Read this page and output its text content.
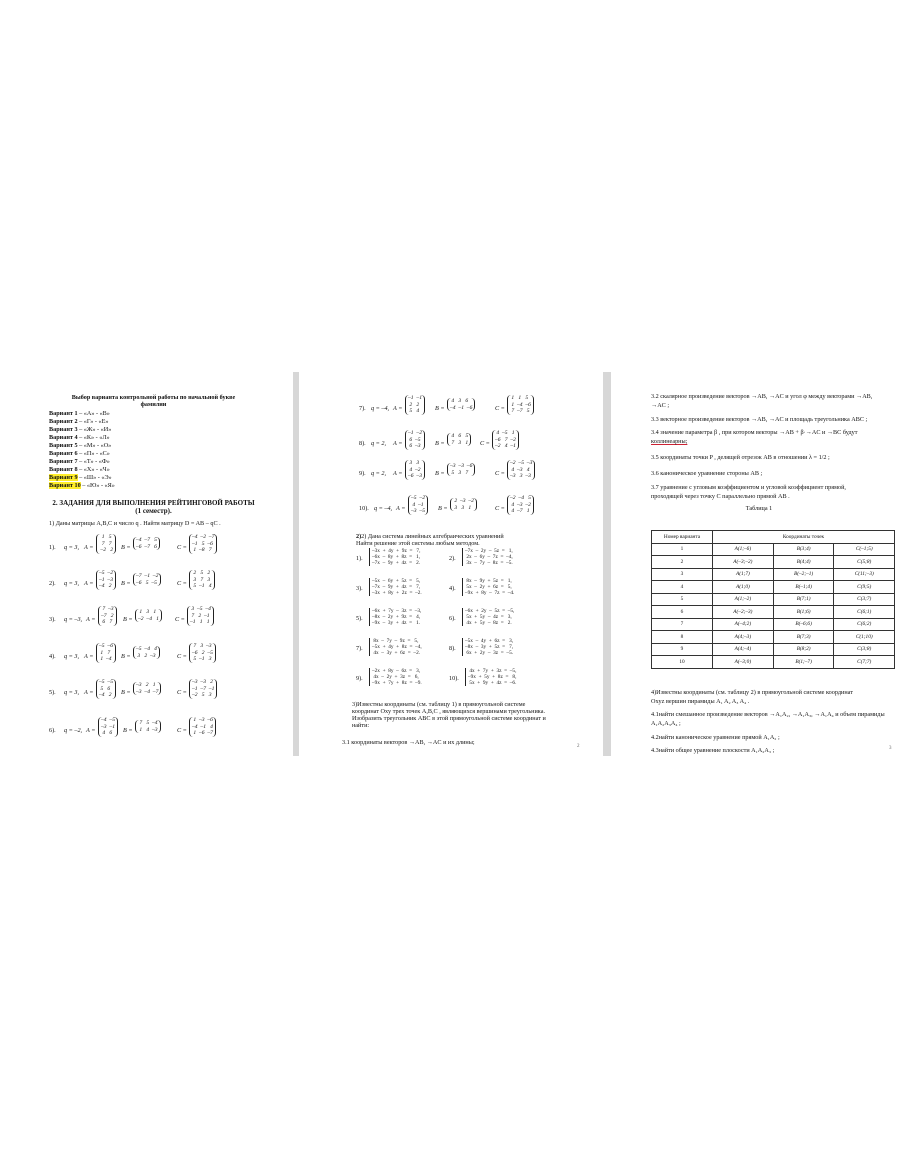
Выбор варианта контрольной работы по начальной букве
фамилии
Вариант 1 – «А» - «В»
Вариант 2 – «Г» - «Е»
Вариант 3 – «Ж» - «И»
Вариант 4 – «К» - «Л»
Вариант 5 – «М» - «О»
Вариант 6 – «П» - «С»
Вариант 7 – «Т» - «Ф»
Вариант 8 – «Х» - «Ч»
Вариант 9 – «Ш» - «Э»
Вариант 10 – «Ю» - «Я»
2. ЗАДАНИЯ ДЛЯ ВЫПОЛНЕНИЯ РЕЙТИНГОВОЙ РАБОТЫ
(1 семестр).
1) Даны матрицы A,B,C и число q . Найти матрицу D = AB – qC .
1). q = 3, A =
1   5
7   7
–2   2	B =
–4  –7   5
–6  –7   6	C =
–4  –2  –7
–1   5  –6
1  –8   7
2). q = 3, A =
–5  –2
–1  –3
–4   2	B =
–7  –1  –2
–6   5  –5	C =
2   5   2
3   7   3
5  –1   4
3). q = –3, A =
7  –3
–7   2
6   7	B =
1   3   1
–2  –4   1	C =
3  –5  –4
7   2  –1
–1   1   1
4). q = 3, A =
–5  –6
1   7
1  –4	B =
–5  –4   4
3   2  –3	C =
7   3  –3
–6   2  –5
5  –1   3
5). q = 3, A =
–5  –5
5   6
–4   2	B =
–3   2   1
–3  –4  –7	C =
–3  –3   2
–1  –7  –1
–2   5   3
6). q = –2, A =
–4  –5
–3  –1
4   6	B =
7   5  –4
1   4  –3	C =
1  –3  –6
–4  –1   4
1  –6  –7
7). q = –4, A =
–1  –1
2   2
5   4	B =
4   3   6
–4  –1  –6	C =
1   1   5
1  –4  –6
7  –7   5
8). q = 2, A =
–1  –2
6  –5
6  –3	B =
4   6   5
7   3   1	C =
4  –5   1
–6   7  –2
–2   4  –1
9). q = 2, A =
3   3
4  –2
–6  –3	B =
–3  –3  –6
5   3   7	C =
–2  –5  –3
4  –3   4
–3   3  –3
10). q = –4, A =
–5  –2
4  –1
–3  –5	B =
2  –3  –2
3   3   1	C =
–2  –4   5
4  –3  –2
4  –7   1
2)2) Дана система линейных алгебраических уравнений
Найти решение этой системы любым методом.
1).
–3x  +  4y  +  9z  =   7,
–6x  –  8y  +  8z  =   1,
–7x  –  9y  +  4z  =   2.
2).
–7x  –  2y  –  5z  =   1,
2x  –  6y  –  7z  =  –4,
3x  –  7y  –  8z  =  –5.
3).
–5x  –  6y  +  5z  =   5,
–7x  –  9y  +  4z  =   7,
–3x  +  8y  +  2z  =  –2.
4).
8x  –  9y  +  5z  =   1,
5x  –  2y  +  6z  =   5,
–9x  +  8y  –  7z  =  –4.
5).
–6x  +  7y  –  3z  =  –3,
–8x  –  2y  +  9z  =   4,
–9x  –  3y  +  4z  =   1.
6).
–6x  +  2y  –  5z  =  –5,
5x  +  5y  –  4z  =   3,
4x  +  5y  –  8z  =   2.
7).
8x  –  7y  –  9z  =   5,
–5x  +  4y  +  8z  =  –4,
4x  –  3y  +  6z  =  –2.
8).
–5x  –  4y  +  6z  =   3,
–8x  –  3y  +  5z  =   7,
6x  +  2y  –  3z  =  –5.
9).
–2x  +  8y  –  6z  =   3,
4x  –  2y  +  3z  =   6,
–9x  +  7y  +  8z  =  –9.
10).
4x  +  7y  +  3z  =  –5,
–9x  +  5y  +  8z  =   8,
5x  +  9y  +  4z  =  –6.
3)Известны координаты (см. таблицу 1) в прямоугольной системе
координат Oxy трех точек A,B,C , являющихся вершинами треугольника.
Изобразить треугольник ABC в этой прямоугольной системе координат и
найти:
3.1 координаты векторов →AB, →AC и их длины;
2
3.2 скалярное произведение векторов →AB, →AC и угол φ между векторами →AB,
→AC ;
3.3 векторное произведение векторов →AB, →AC и площадь треугольника ABC ;
3.4 значение параметра β , при котором векторы →AB + β·→AC и →BC будут
коллинеарны;
3.5 координаты точки P , делящей отрезок AB в отношении λ = 1/2 ;
3.6 каноническое уравнение стороны AB ;
3.7 уравнение с угловым коэффициентом и угловой коэффициент прямой,
проходящей через точку C параллельно прямой AB .
Таблица 1
Номер варианта	Координаты точек		
1	A(1;–6)	B(3;4)	C(–1;5)
2	A(–3;–2)	B(4;4)	C(5;8)
3	A(1;7)	B(–2;–1)	C(11;–3)
4	A(1;0)	B(–1;4)	C(9;5)
5	A(1;–2)	B(7;1)	C(3;7)
6	A(–2;–3)	B(1;6)	C(6;1)
7	A(–4;2)	B(–6;6)	C(6;2)
8	A(4;–3)	B(7;3)	C(1;10)
9	A(4;–4)	B(8;2)	C(3;8)
10	A(–3;0)	B(1;–7)	C(7;7)
4)Известны координаты (см. таблицу 2) в прямоугольной системе координат
Oxyz вершин пирамиды A₁ A₂ A₃ A₄ .
4.1найти смешанное произведение векторов →A₁A₂, →A₁A₃, →A₁A₄ и объем пирамиды
A₁A₂A₃A₄ ;
4.2найти каноническое уравнение прямой A₁A₂ ;
4.3найти общее уравнение плоскости A₁A₂A₃ ;	3
